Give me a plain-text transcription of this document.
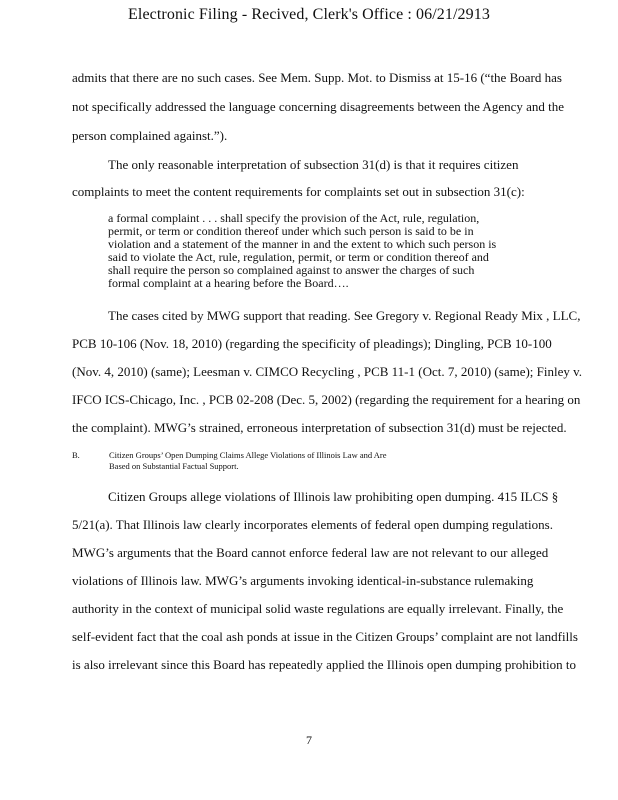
Electronic Filing - Recived, Clerk's Office : 06/21/2913
admits that there are no such cases. See Mem. Supp. Mot. to Dismiss at 15-16 (“the Board has
not specifically addressed the language concerning disagreements between the Agency and the
person complained against.”).
The only reasonable interpretation of subsection 31(d) is that it requires citizen
complaints to meet the content requirements for complaints set out in subsection 31(c):
a formal complaint . . . shall specify the provision of the Act, rule, regulation,
permit, or term or condition thereof under which such person is said to be in
violation and a statement of the manner in and the extent to which such person is
said to violate the Act, rule, regulation, permit, or term or condition thereof and
shall require the person so complained against to answer the charges of such
formal complaint at a hearing before the Board….
The cases cited by MWG support that reading. See Gregory v. Regional Ready Mix , LLC,
PCB 10-106 (Nov. 18, 2010) (regarding the specificity of pleadings); Dingling, PCB 10-100
(Nov. 4, 2010) (same); Leesman v. CIMCO Recycling , PCB 11-1 (Oct. 7, 2010) (same); Finley v.
IFCO ICS-Chicago, Inc. , PCB 02-208 (Dec. 5, 2002) (regarding the requirement for a hearing on
the complaint). MWG’s strained, erroneous interpretation of subsection 31(d) must be rejected.
B.	Citizen Groups’ Open Dumping Claims Allege Violations of Illinois Law and Are
Based on Substantial Factual Support.
Citizen Groups allege violations of Illinois law prohibiting open dumping. 415 ILCS §
5/21(a). That Illinois law clearly incorporates elements of federal open dumping regulations.
MWG’s arguments that the Board cannot enforce federal law are not relevant to our alleged
violations of Illinois law. MWG’s arguments invoking identical-in-substance rulemaking
authority in the context of municipal solid waste regulations are equally irrelevant. Finally, the
self-evident fact that the coal ash ponds at issue in the Citizen Groups’ complaint are not landfills
is also irrelevant since this Board has repeatedly applied the Illinois open dumping prohibition to
7
